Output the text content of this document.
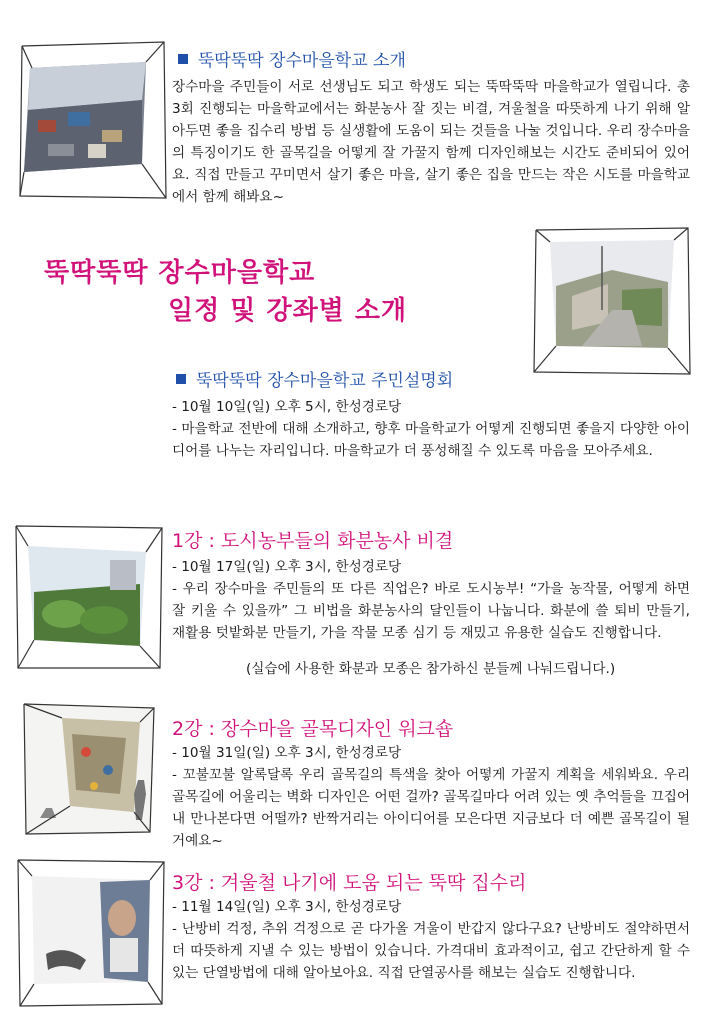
뚝딱뚝딱 장수마을학교 소개

장수마을 주민들이 서로 선생님도 되고 학생도 되는 뚝딱뚝딱 마을학교가 열립니다. 총 3회 진행되는 마을학교에서는 화분농사 잘 짓는 비결, 겨울철을 따뜻하게 나기 위해 알아두면 좋을 집수리 방법 등 실생활에 도움이 되는 것들을 나눌 것입니다. 우리 장수마을의 특징이기도 한 골목길을 어떻게 잘 가꿀지 함께 디자인해보는 시간도 준비되어 있어요. 직접 만들고 꾸미면서 살기 좋은 마을, 살기 좋은 집을 만드는 작은 시도를 마을학교에서 함께 해봐요~

뚝딱뚝딱 장수마을학교
일정 및 강좌별 소개
뚝딱뚝딱 장수마을학교 주민설명회

- 10월 10일(일) 오후 5시, 한성경로당

- 마을학교 전반에 대해 소개하고, 향후 마을학교가 어떻게 진행되면 좋을지 다양한 아이디어를 나누는 자리입니다. 마을학교가 더 풍성해질 수 있도록 마음을 모아주세요.

1강 : 도시농부들의 화분농사 비결

- 10월 17일(일) 오후 3시, 한성경로당

- 우리 장수마을 주민들의 또 다른 직업은? 바로 도시농부! “가을 농작물, 어떻게 하면 잘 키울 수 있을까” 그 비법을 화분농사의 달인들이 나눕니다. 화분에 쓸 퇴비 만들기, 재활용 텃밭화분 만들기, 가을 작물 모종 심기 등 재밌고 유용한 실습도 진행합니다.

(실습에 사용한 화분과 모종은 참가하신 분들께 나눠드립니다.)

2강 : 장수마을 골목디자인 워크숍

- 10월 31일(일) 오후 3시, 한성경로당

- 꼬불꼬불 알록달록 우리 골목길의 특색을 찾아 어떻게 가꿀지 계획을 세워봐요. 우리 골목길에 어울리는 벽화 디자인은 어떤 걸까? 골목길마다 어려 있는 옛 추억들을 끄집어내 만나본다면 어떨까? 반짝거리는 아이디어를 모은다면 지금보다 더 예쁜 골목길이 될 거예요~

3강 : 겨울철 나기에 도움 되는 뚝딱 집수리

- 11월 14일(일) 오후 3시, 한성경로당

- 난방비 걱정, 추위 걱정으로 곧 다가올 겨울이 반갑지 않다구요? 난방비도 절약하면서 더 따뜻하게 지낼 수 있는 방법이 있습니다. 가격대비 효과적이고, 쉽고 간단하게 할 수 있는 단열방법에 대해 알아보아요. 직접 단열공사를 해보는 실습도 진행합니다.
